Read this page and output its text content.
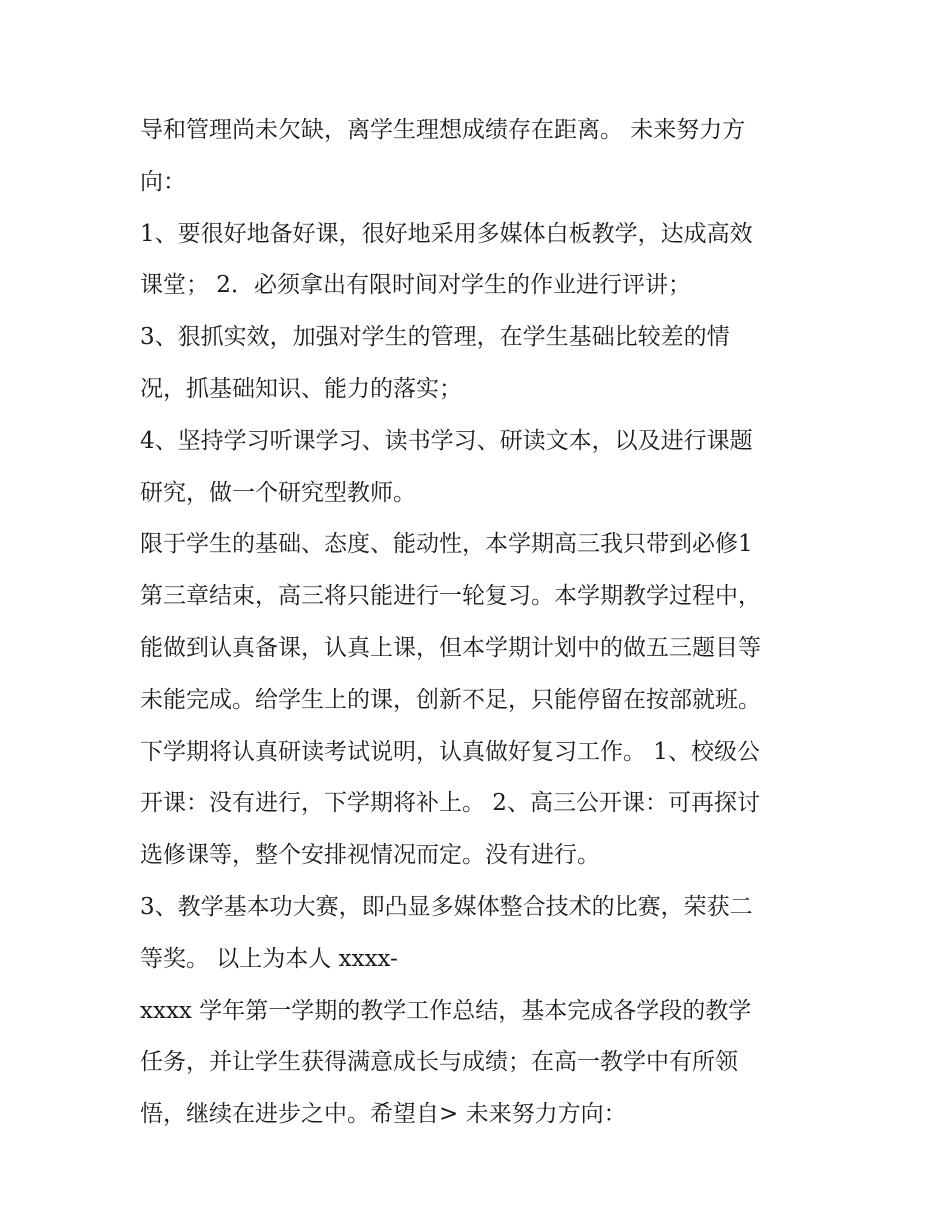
导和管理尚未欠缺，离学生理想成绩存在距离。 未来努力方
向：
1、要很好地备好课，很好地采用多媒体白板教学，达成高效
课堂； 2．必须拿出有限时间对学生的作业进行评讲；
3、狠抓实效，加强对学生的管理，在学生基础比较差的情
况，抓基础知识、能力的落实；
4、坚持学习听课学习、读书学习、研读文本，以及进行课题
研究，做一个研究型教师。
限于学生的基础、态度、能动性，本学期高三我只带到必修1
第三章结束，高三将只能进行一轮复习。本学期教学过程中，
能做到认真备课，认真上课，但本学期计划中的做五三题目等
未能完成。给学生上的课，创新不足，只能停留在按部就班。
下学期将认真研读考试说明，认真做好复习工作。 1、校级公
开课：没有进行，下学期将补上。 2、高三公开课：可再探讨
选修课等，整个安排视情况而定。没有进行。
3、教学基本功大赛，即凸显多媒体整合技术的比赛，荣获二
等奖。 以上为本人 xxxx-
xxxx 学年第一学期的教学工作总结，基本完成各学段的教学
任务，并让学生获得满意成长与成绩；在高一教学中有所领
悟，继续在进步之中。希望自> 未来努力方向：
